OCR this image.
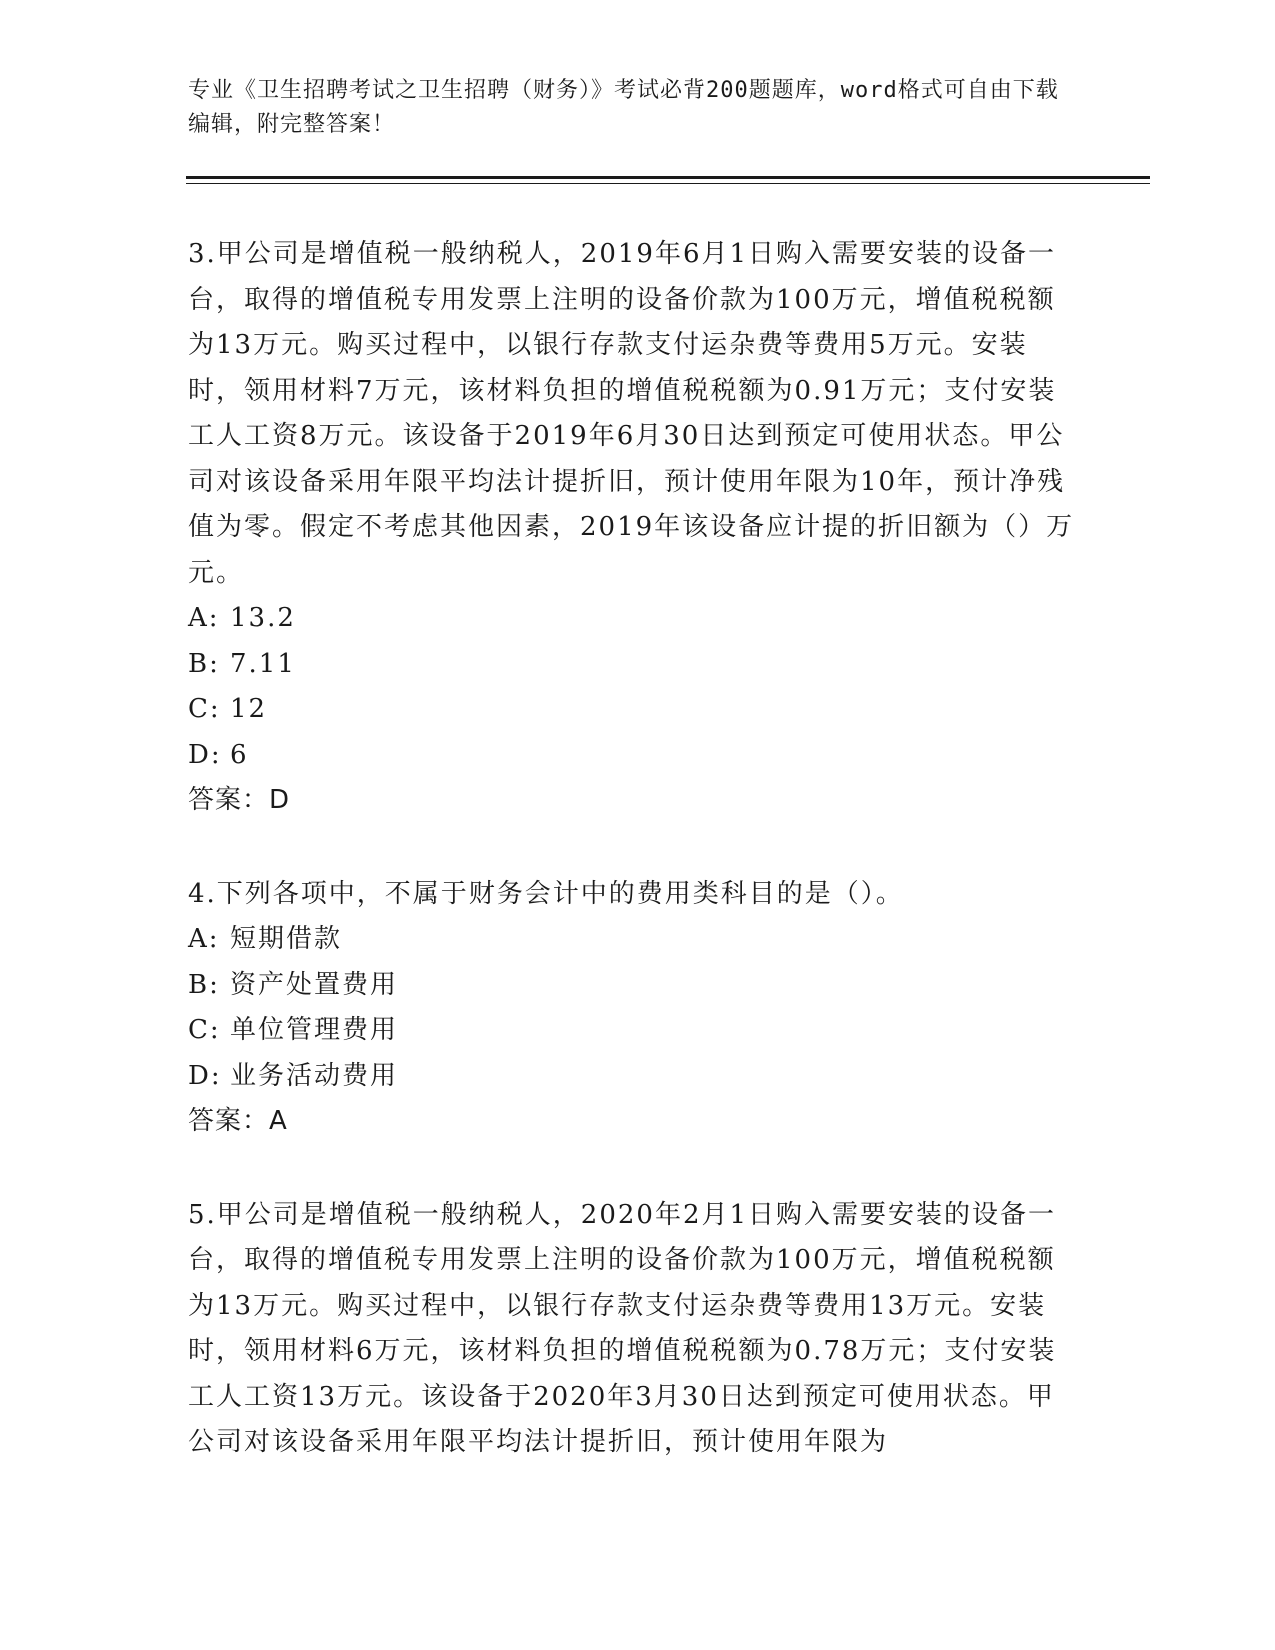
专业《卫生招聘考试之卫生招聘（财务）》考试必背200题题库，word格式可自由下载编辑，附完整答案！

3.甲公司是增值税一般纳税人，2019年6月1日购入需要安装的设备一台，取得的增值税专用发票上注明的设备价款为100万元，增值税税额为13万元。购买过程中，以银行存款支付运杂费等费用5万元。安装时，领用材料7万元，该材料负担的增值税税额为0.91万元；支付安装工人工资8万元。该设备于2019年6月30日达到预定可使用状态。甲公司对该设备采用年限平均法计提折旧，预计使用年限为10年，预计净残值为零。假定不考虑其他因素，2019年该设备应计提的折旧额为（）万元。

A: 13.2

B: 7.11

C: 12

D: 6

答案：D

4.下列各项中，不属于财务会计中的费用类科目的是（）。

A: 短期借款

B: 资产处置费用

C: 单位管理费用

D: 业务活动费用

答案：A

5.甲公司是增值税一般纳税人，2020年2月1日购入需要安装的设备一台，取得的增值税专用发票上注明的设备价款为100万元，增值税税额为13万元。购买过程中，以银行存款支付运杂费等费用13万元。安装时，领用材料6万元，该材料负担的增值税税额为0.78万元；支付安装工人工资13万元。该设备于2020年3月30日达到预定可使用状态。甲公司对该设备采用年限平均法计提折旧，预计使用年限为
